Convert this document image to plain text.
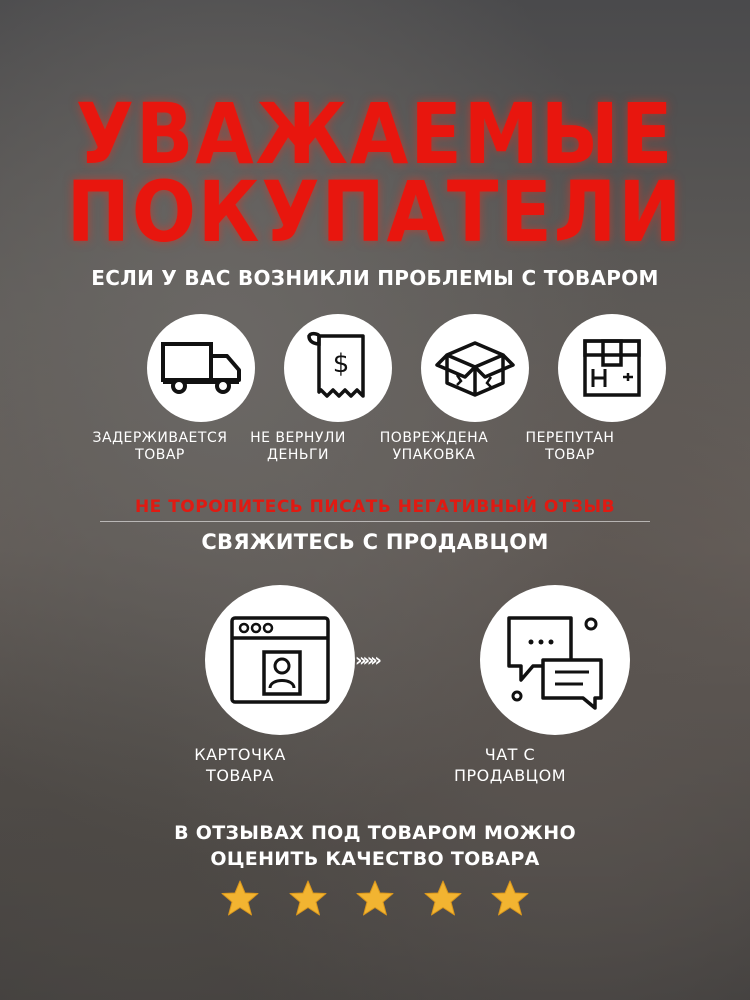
УВАЖАЕМЫЕ
ПОКУПАТЕЛИ
ЕСЛИ У ВАС ВОЗНИКЛИ ПРОБЛЕМЫ С ТОВАРОМ
$
ЗАДЕРЖИВАЕТСЯ
ТОВАР
НЕ ВЕРНУЛИ
ДЕНЬГИ
ПОВРЕЖДЕНА
УПАКОВКА
ПЕРЕПУТАН
ТОВАР
НЕ ТОРОПИТЕСЬ ПИСАТЬ НЕГАТИВНЫЙ ОТЗЫВ
СВЯЖИТЕСЬ С ПРОДАВЦОМ
»»»
КАРТОЧКА
ТОВАРА
ЧАТ С
ПРОДАВЦОМ
В ОТЗЫВАХ ПОД ТОВАРОМ МОЖНО
ОЦЕНИТЬ КАЧЕСТВО ТОВАРА
